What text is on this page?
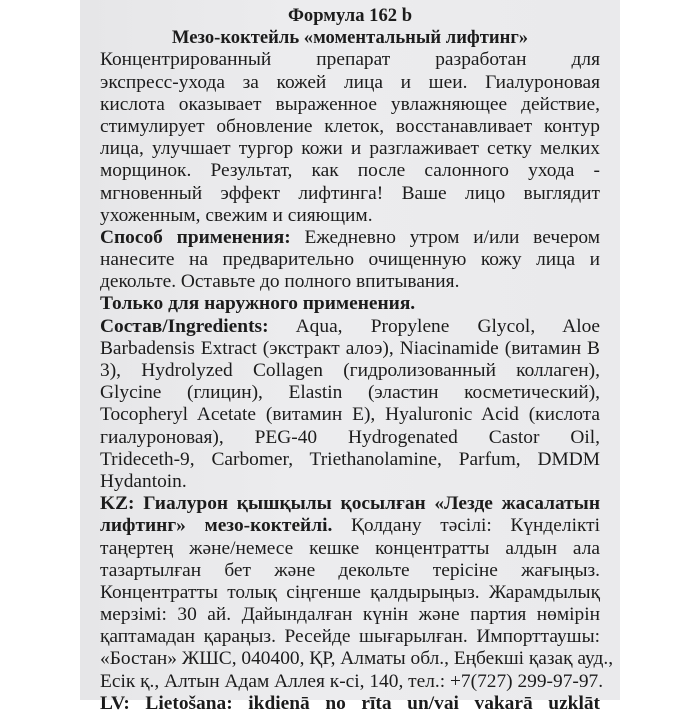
Формула 162 b
Мезо-коктейль «моментальный лифтинг»
Концентрированный препарат разработан для
экспресс-ухода за кожей лица и шеи. Гиалуроновая
кислота оказывает выраженное увлажняющее действие,
стимулирует обновление клеток, восстанавливает контур
лица, улучшает тургор кожи и разглаживает сетку мелких
морщинок. Результат, как после салонного ухода -
мгновенный эффект лифтинга! Ваше лицо выглядит
ухоженным, свежим и сияющим.
Способ применения: Ежедневно утром и/или вечером
нанесите на предварительно очищенную кожу лица и
декольте. Оставьте до полного впитывания.
Только для наружного применения.
Состав/Ingredients: Aqua, Propylene Glycol, Aloe
Barbadensis Extract (экстракт алоэ), Niacinamide (витамин B
3), Hydrolyzed Collagen (гидролизованный коллаген),
Glycine (глицин), Elastin (эластин косметический),
Tocopheryl Acetate (витамин E), Hyaluronic Acid (кислота
гиалуроновая), PEG-40 Hydrogenated Castor Oil,
Trideceth-9, Carbomer, Triethanolamine, Parfum, DMDM
Hydantoin.
KZ: Гиалурон қышқылы қосылған «Лезде жасалатын
лифтинг» мезо-коктейлі. Қолдану тәсілі: Күнделікті
таңертең және/немесе кешке концентратты алдын ала
тазартылған бет және декольте терісіне жағыңыз.
Концентратты толық сіңгенше қалдырыңыз. Жарамдылық
мерзімі: 30 ай. Дайындалған күнін және партия нөмірін
қаптамадан қараңыз. Ресейде шығарылған. Импорттаушы:
«Бостан» ЖШС, 040400, ҚР, Алматы обл., Еңбекші қазақ ауд.,
Есік қ., Алтын Адам Аллея к-сі, 140, тел.: +7(727) 299-97-97.
LV: Lietošana: ikdienā no rīta un/vai vakarā uzklāt
